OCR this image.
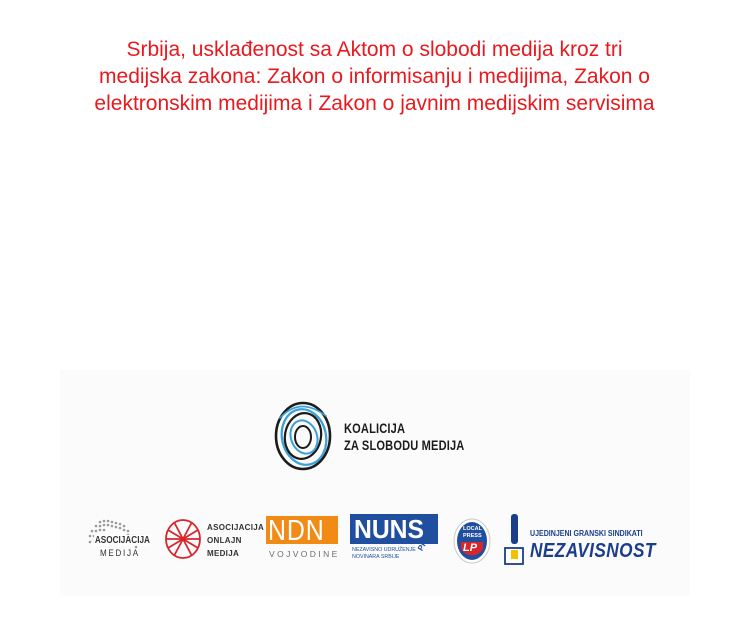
Srbija, usklađenost sa Aktom o slobodi medija kroz tri
medijska zakona: Zakon o informisanju i medijima, Zakon o
elektronskim medijima i Zakon o javnim medijskim servisima
KOALICIJA
ZA SLOBODU MEDIJA
ASOCIJACIJA
MEDIJA
ASOCIJACIJA
ONLAJN
MEDIJA
NDN
VOJVODINE
NUNS
NEZAVISNO UDRUŽENJE
NOVINARA SRBIJE
PRESS	LOCAL
PRESS
LP
UJEDINJENI GRANSKI SINDIKATI
NEZAVISNOST
